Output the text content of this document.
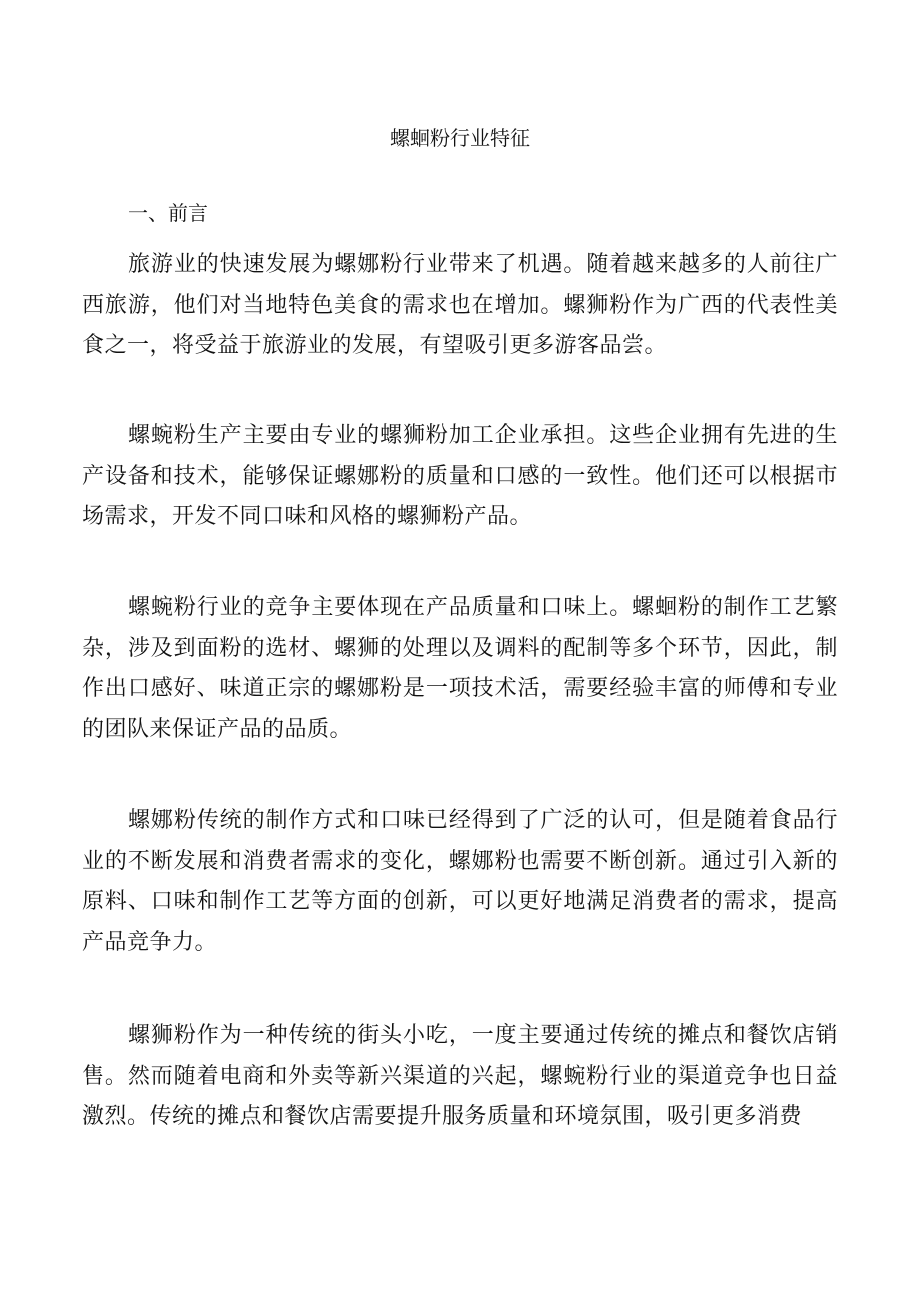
螺蛔粉行业特征
一、前言

旅游业的快速发展为螺娜粉行业带来了机遇。随着越来越多的人前往广西旅游，他们对当地特色美食的需求也在增加。螺狮粉作为广西的代表性美食之一，将受益于旅游业的发展，有望吸引更多游客品尝。

螺蜿粉生产主要由专业的螺狮粉加工企业承担。这些企业拥有先进的生产设备和技术，能够保证螺娜粉的质量和口感的一致性。他们还可以根据市场需求，开发不同口味和风格的螺狮粉产品。

螺蜿粉行业的竞争主要体现在产品质量和口味上。螺蛔粉的制作工艺繁杂，涉及到面粉的选材、螺狮的处理以及调料的配制等多个环节，因此，制作出口感好、味道正宗的螺娜粉是一项技术活，需要经验丰富的师傅和专业的团队来保证产品的品质。

螺娜粉传统的制作方式和口味已经得到了广泛的认可，但是随着食品行业的不断发展和消费者需求的变化，螺娜粉也需要不断创新。通过引入新的原料、口味和制作工艺等方面的创新，可以更好地满足消费者的需求，提高产品竞争力。

螺狮粉作为一种传统的街头小吃，一度主要通过传统的摊点和餐饮店销售。然而随着电商和外卖等新兴渠道的兴起，螺蜿粉行业的渠道竞争也日益激烈。传统的摊点和餐饮店需要提升服务质量和环境氛围，吸引更多消费
